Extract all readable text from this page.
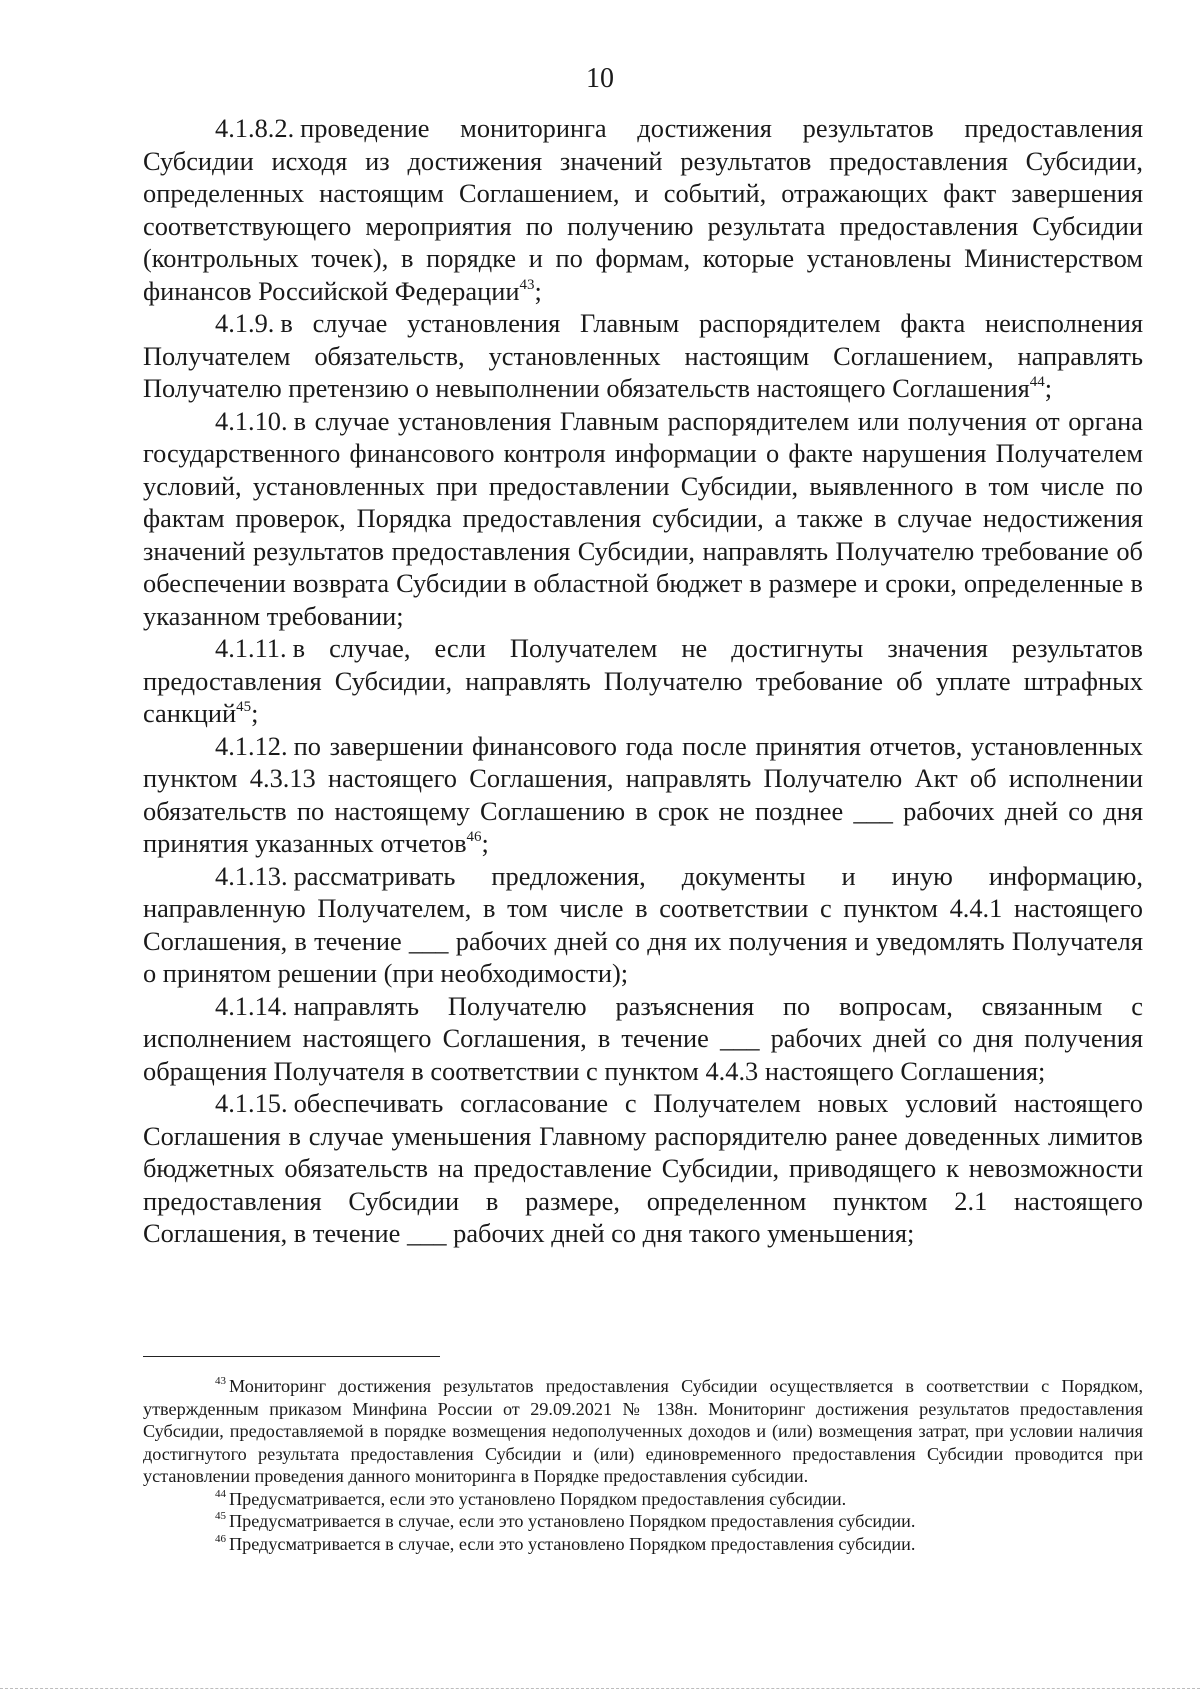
10

4.1.8.2. проведение мониторинга достижения результатов предоставления Субсидии исходя из достижения значений результатов предоставления Субсидии, определенных настоящим Соглашением, и событий, отражающих факт завершения соответствующего мероприятия по получению результата предоставления Субсидии (контрольных точек), в порядке и по формам, которые установлены Министерством финансов Российской Федерации$^{43}$;

4.1.9. в случае установления Главным распорядителем факта неисполнения Получателем обязательств, установленных настоящим Соглашением, направлять Получателю претензию о невыполнении обязательств настоящего Соглашения$^{44}$;

4.1.10. в случае установления Главным распорядителем или получения от органа государственного финансового контроля информации о факте нарушения Получателем условий, установленных при предоставлении Субсидии, выявленного в том числе по фактам проверок, Порядка предоставления субсидии, а также в случае недостижения значений результатов предоставления Субсидии, направлять Получателю требование об обеспечении возврата Субсидии в областной бюджет в размере и сроки, определенные в указанном требовании;

4.1.11. в случае, если Получателем не достигнуты значения результатов предоставления Субсидии, направлять Получателю требование об уплате штрафных санкций$^{45}$;

4.1.12. по завершении финансового года после принятия отчетов, установленных пунктом 4.3.13 настоящего Соглашения, направлять Получателю Акт об исполнении обязательств по настоящему Соглашению в срок не позднее ___ рабочих дней со дня принятия указанных отчетов$^{46}$;

4.1.13. рассматривать предложения, документы и иную информацию, направленную Получателем, в том числе в соответствии с пунктом 4.4.1 настоящего Соглашения, в течение ___ рабочих дней со дня их получения и уведомлять Получателя о принятом решении (при необходимости);

4.1.14. направлять Получателю разъяснения по вопросам, связанным с исполнением настоящего Соглашения, в течение ___ рабочих дней со дня получения обращения Получателя в соответствии с пунктом 4.4.3 настоящего Соглашения;

4.1.15. обеспечивать согласование с Получателем новых условий настоящего Соглашения в случае уменьшения Главному распорядителю ранее доведенных лимитов бюджетных обязательств на предоставление Субсидии, приводящего к невозможности предоставления Субсидии в размере, определенном пунктом 2.1 настоящего Соглашения, в течение ___ рабочих дней со дня такого уменьшения;

$^{43}$ Мониторинг достижения результатов предоставления Субсидии осуществляется в соответствии с Порядком, утвержденным приказом Минфина России от 29.09.2021 № 138н. Мониторинг достижения результатов предоставления Субсидии, предоставляемой в порядке возмещения недополученных доходов и (или) возмещения затрат, при условии наличия достигнутого результата предоставления Субсидии и (или) единовременного предоставления Субсидии проводится при установлении проведения данного мониторинга в Порядке предоставления субсидии.

$^{44}$ Предусматривается, если это установлено Порядком предоставления субсидии.

$^{45}$ Предусматривается в случае, если это установлено Порядком предоставления субсидии.

$^{46}$ Предусматривается в случае, если это установлено Порядком предоставления субсидии.
